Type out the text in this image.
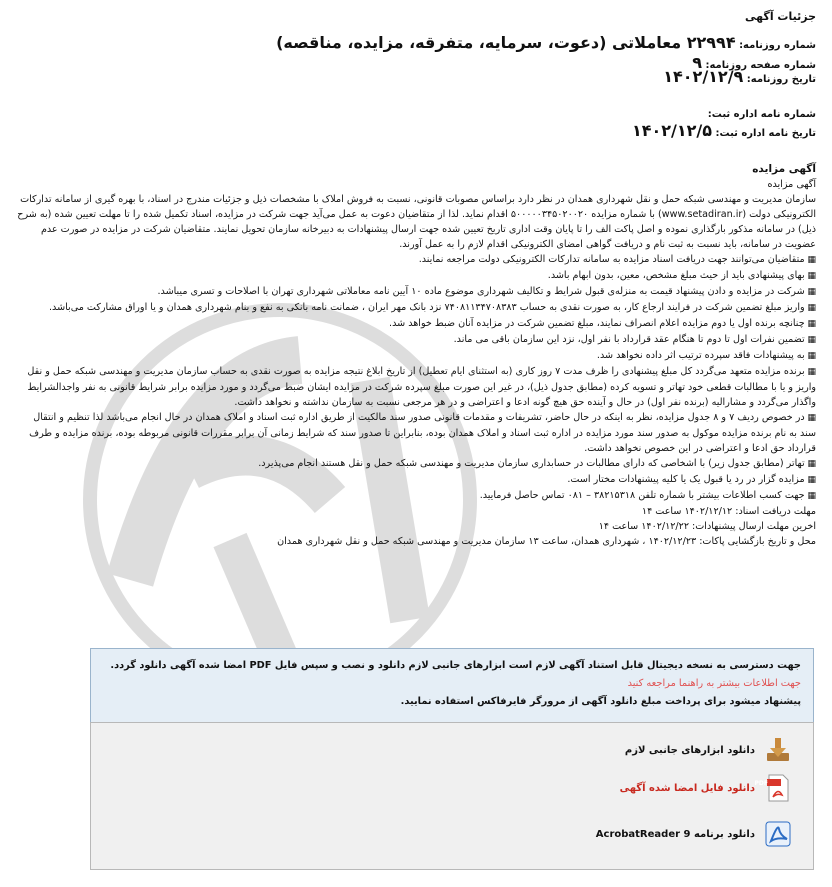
جزئیات آگهی
شماره روزنامه: ۲۲۹۹۴ معاملاتی (دعوت، سرمایه، متفرقه، مزایده، مناقصه)
شماره صفحه روزنامه: ۹
تاریخ روزنامه: ۱۴۰۲/۱۲/۹
شماره نامه اداره ثبت:
تاریخ نامه اداره ثبت: ۱۴۰۲/۱۲/۵

آگهی مزایده

آگهی مزایده

سازمان مدیریت و مهندسی شبکه حمل و نقل شهرداری همدان در نظر دارد براساس مصوبات قانونی، نسبت به فروش املاک با مشخصات ذیل و جزئیات مندرج در اسناد، با بهره گیری از سامانه تدارکات الکترونیکی دولت (www.setadiran.ir) با شماره مزایده ۵۰۰۰۰۰۳۴۵۰۲۰۰۲۰ اقدام نماید. لذا از متقاضیان دعوت به عمل می‌آید جهت شرکت در مزایده، اسناد تکمیل شده را تا مهلت تعیین شده (به شرح ذیل) در سامانه مذکور بارگذاری نموده و اصل پاکت الف را تا پایان وقت اداری تاریخ تعیین شده جهت ارسال پیشنهادات به دبیرخانه سازمان تحویل نمایند. متقاضیان شرکت در مزایده در صورت عدم عضویت در سامانه، باید نسبت به ثبت نام و دریافت گواهی امضای الکترونیکی اقدام لازم را به عمل آورند.

▦ متقاضیان می‌توانند جهت دریافت اسناد مزایده به سامانه تدارکات الکترونیکی دولت مراجعه نمایند.

▦ بهای پیشنهادی باید از حیث مبلغ مشخص، معین، بدون ابهام باشد.

▦ شرکت در مزایده و دادن پیشنهاد قیمت به منزله‌ی قبول شرایط و تکالیف شهرداری موضوع ماده ۱۰ آیین نامه معاملاتی شهرداری تهران با اصلاحات و تسری میباشد.

▦ واریز مبلغ تضمین شرکت در فرایند ارجاع کار، به صورت نقدی به حساب ۷۴۰۸۱۱۳۴۷۰۸۳۸۳ نزد بانک مهر ایران ، ضمانت نامه بانکی به نفع و بنام شهرداری همدان و یا اوراق مشارکت می‌باشد.

▦ چنانچه برنده اول یا دوم مزایده اعلام انصراف نمایند، مبلغ تضمین شرکت در مزایده آنان ضبط خواهد شد.

▦ تضمین نفرات اول تا دوم تا هنگام عقد قرارداد با نفر اول، نزد این سازمان باقی می ماند.

▦ به پیشنهادات فاقد سپرده ترتیب اثر داده نخواهد شد.

▦ برنده مزایده متعهد می‌گردد کل مبلغ پیشنهادی را ظرف مدت ۷ روز کاری (به استثنای ایام تعطیل) از تاریخ ابلاغ نتیجه مزایده به صورت نقدی به حساب سازمان مدیریت و مهندسی شبکه حمل و نقل واریز و یا با مطالبات قطعی خود تهاتر و تسویه کرده (مطابق جدول ذیل)، در غیر این صورت مبلغ سپرده شرکت در مزایده ایشان ضبط می‌گردد و مورد مزایده برابر شرایط قانونی به نفر واجدالشرایط واگذار می‌گردد و مشارالیه (برنده نفر اول) در حال و آینده حق هیچ گونه ادعا و اعتراضی و در هر مرجعی نسبت به سازمان نداشته و نخواهد داشت.

▦ در خصوص ردیف ۷ و ۸ جدول مزایده، نظر به اینکه در حال حاضر، تشریفات و مقدمات قانونی صدور سند مالکیت از طریق اداره ثبت اسناد و املاک همدان در حال انجام می‌باشد لذا تنظیم و انتقال سند به نام برنده مزایده موکول به صدور سند مورد مزایده در اداره ثبت اسناد و املاک همدان بوده، بنابراین تا صدور سند که شرایط زمانی آن برابر مقررات قانونی مربوطه بوده، برنده مزایده و طرف قرارداد حق ادعا و اعتراضی در این خصوص نخواهد داشت.

▦ تهاتر (مطابق جدول زیر) با اشخاصی که دارای مطالبات در حسابداری سازمان مدیریت و مهندسی شبکه حمل و نقل هستند انجام می‌پذیرد.

▦ مزایده گزار در رد یا قبول یک یا کلیه پیشنهادات مختار است.

▦ جهت کسب اطلاعات بیشتر با شماره تلفن ۳۸۲۱۵۳۱۸ – ۰۸۱ تماس حاصل فرمایید.

مهلت دریافت اسناد: ۱۴۰۲/۱۲/۱۲ ساعت ۱۴

اخرین مهلت ارسال پیشنهادات: ۱۴۰۲/۱۲/۲۲ ساعت ۱۴

محل و تاریخ بازگشایی پاکات: ۱۴۰۲/۱۲/۲۳ ، شهرداری همدان، ساعت ۱۳ سازمان مدیریت و مهندسی شبکه حمل و نقل شهرداری همدان

جهت دسترسی به نسخه دیجیتال قابل استناد آگهی لازم است ابزارهای جانبی لازم دانلود و نصب و سپس فایل PDF امضا شده آگهی دانلود گردد.
جهت اطلاعات بیشتر به راهنما مراجعه کنید
پیشنهاد میشود برای پرداخت مبلغ دانلود آگهی از مرورگر فایرفاکس استفاده نمایید.
دانلود ابزارهای جانبی لازم
PDF
دانلود فایل امضا شده آگهی
دانلود برنامه AcrobatReader 9
